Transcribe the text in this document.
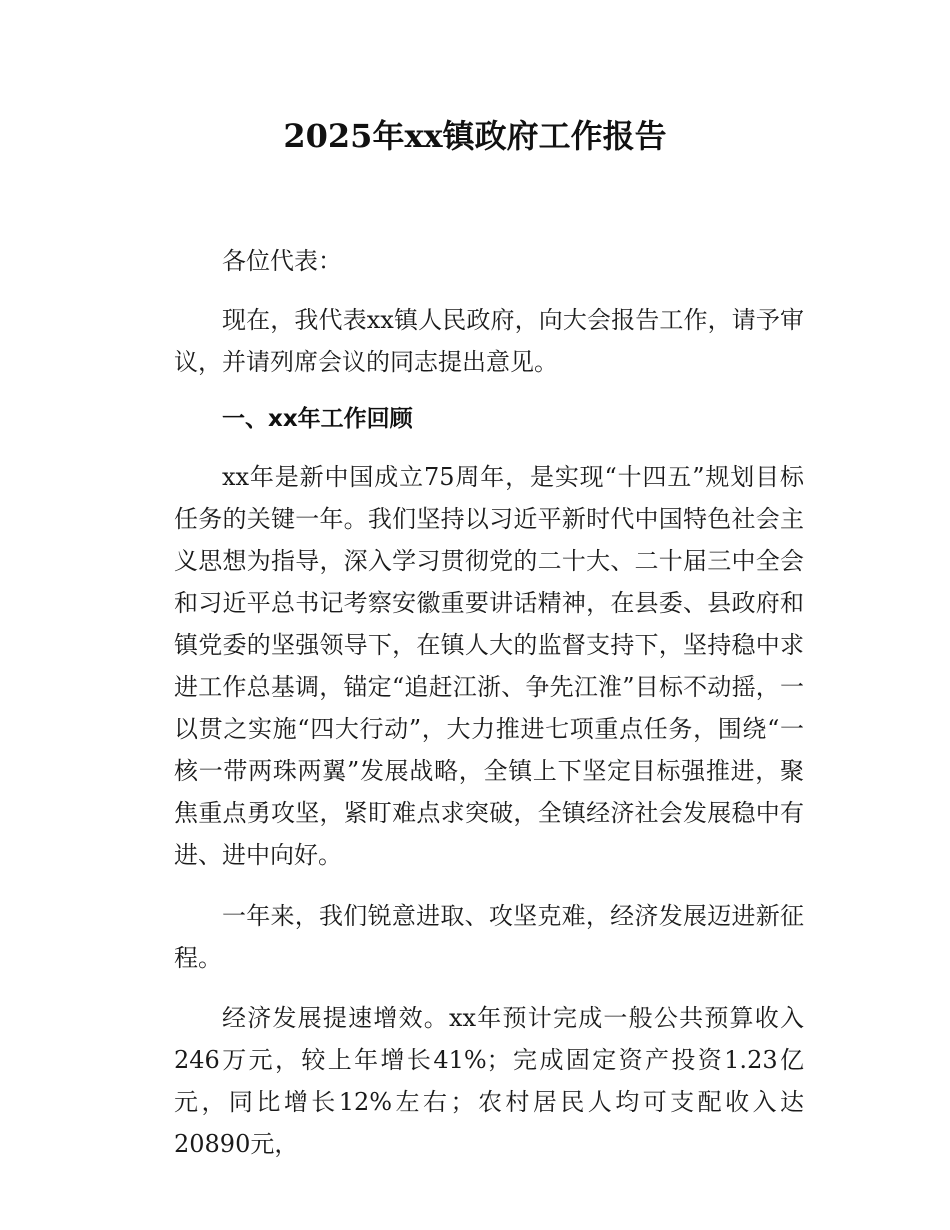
2025年xx镇政府工作报告

各位代表：

现在，我代表xx镇人民政府，向大会报告工作，请予审议，并请列席会议的同志提出意见。

一、xx年工作回顾

xx年是新中国成立75周年，是实现“十四五”规划目标任务的关键一年。我们坚持以习近平新时代中国特色社会主义思想为指导，深入学习贯彻党的二十大、二十届三中全会和习近平总书记考察安徽重要讲话精神，在县委、县政府和镇党委的坚强领导下，在镇人大的监督支持下，坚持稳中求进工作总基调，锚定“追赶江浙、争先江淮”目标不动摇，一以贯之实施“四大行动”，大力推进七项重点任务，围绕“一核一带两珠两翼”发展战略，全镇上下坚定目标强推进，聚焦重点勇攻坚，紧盯难点求突破，全镇经济社会发展稳中有进、进中向好。

一年来，我们锐意进取、攻坚克难，经济发展迈进新征程。

经济发展提速增效。xx年预计完成一般公共预算收入246万元，较上年增长41%；完成固定资产投资1.23亿元，同比增长12%左右；农村居民人均可支配收入达20890元，
